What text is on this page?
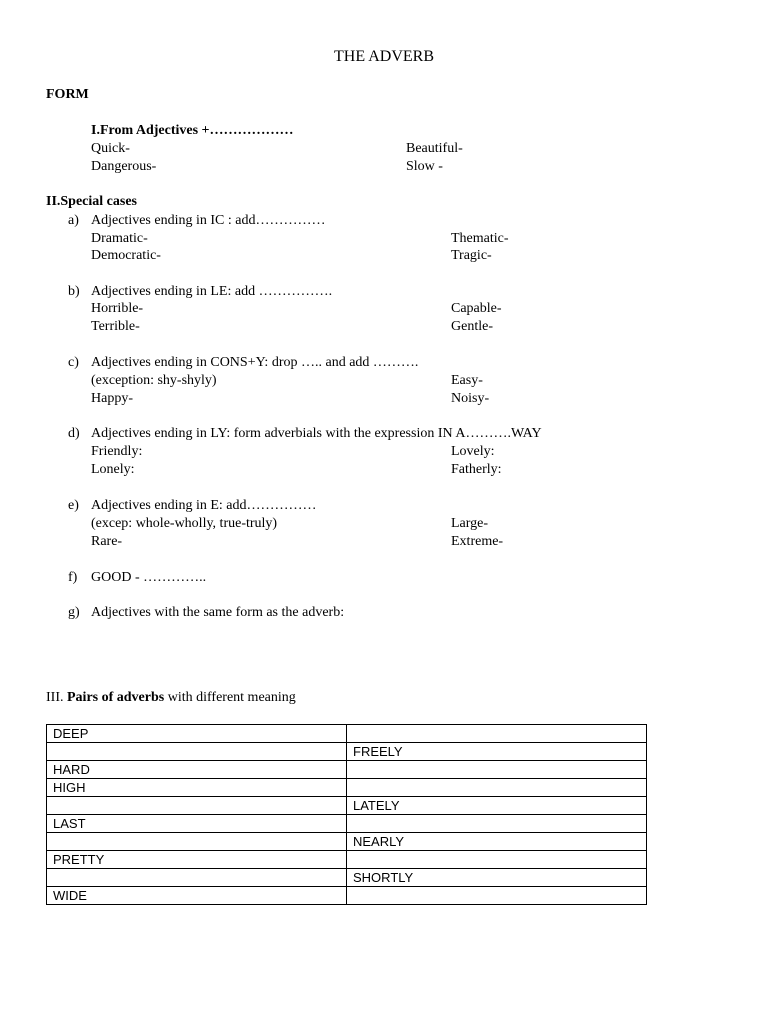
THE ADVERB
FORM
I.From Adjectives +………………
Quick-	Beautiful-
Dangerous-	Slow -
II.Special cases
a) Adjectives ending in IC : add……………
Dramatic-	Thematic-
Democratic-	Tragic-
b) Adjectives ending in LE: add …………….
Horrible-	Capable-
Terrible-	Gentle-
c) Adjectives ending in CONS+Y: drop ….. and add ……….
(exception: shy-shyly)	Easy-
Happy-	Noisy-
d) Adjectives ending in LY: form adverbials with the expression IN A……….WAY
Friendly:	Lovely:
Lonely:	Fatherly:
e) Adjectives ending in E: add……………
(excep: whole-wholly, true-truly)	Large-
Rare-	Extreme-
f) GOOD - …………..
g) Adjectives with the same form as the adverb:
III. Pairs of adverbs with different meaning
DEEP	
	FREELY
HARD	
HIGH	
	LATELY
LAST	
	NEARLY
PRETTY	
	SHORTLY
WIDE	
